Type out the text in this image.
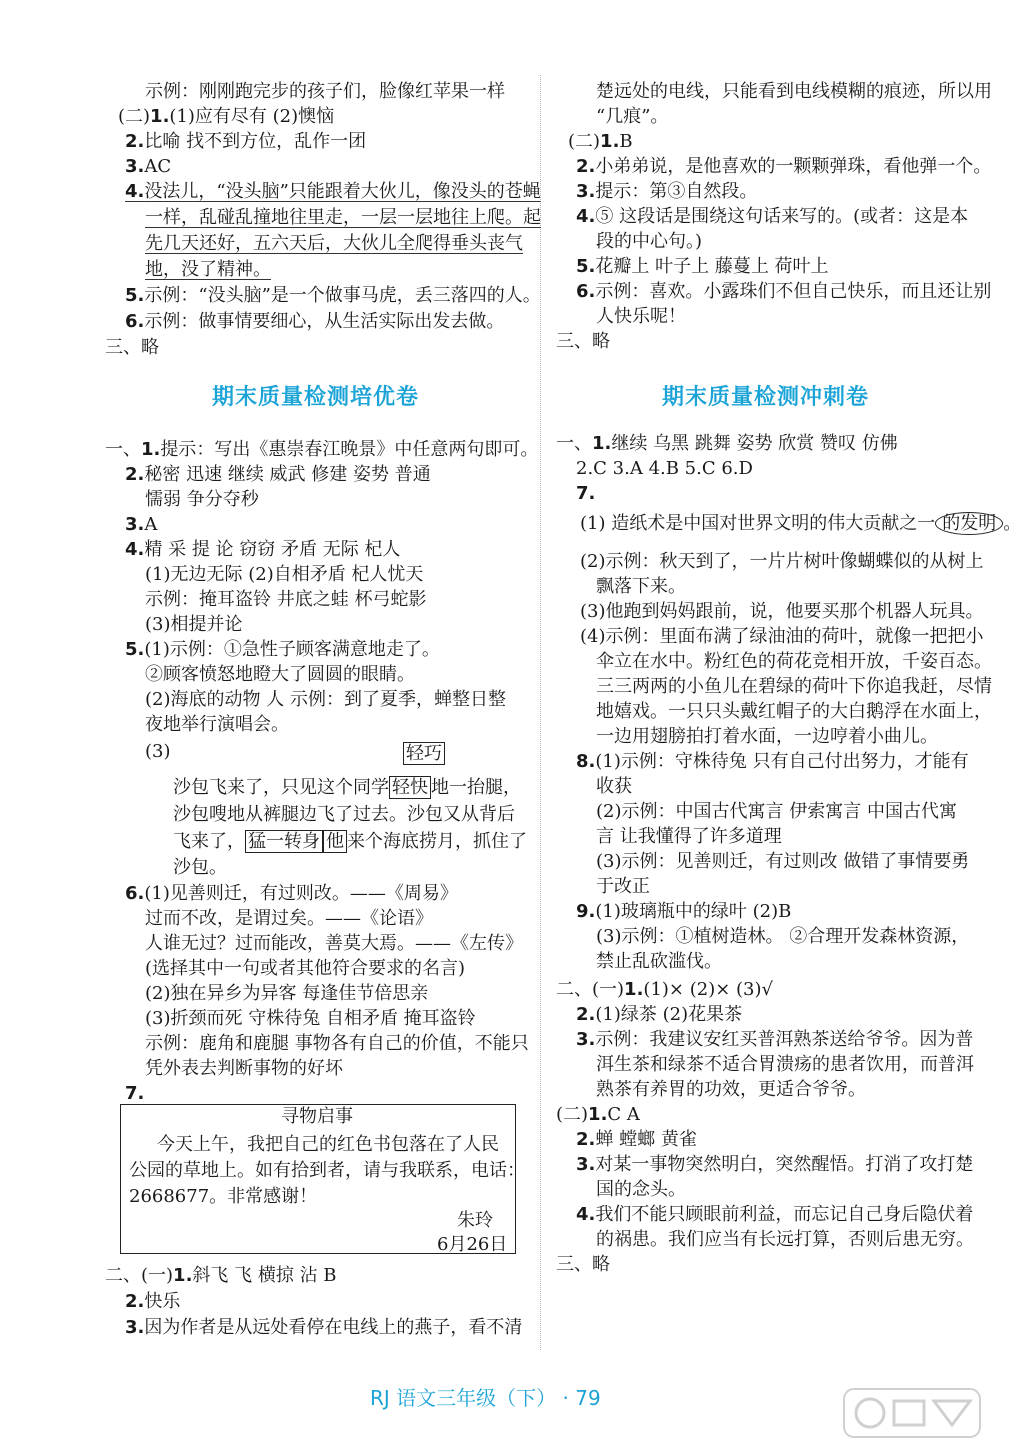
示例：刚刚跑完步的孩子们，脸像红苹果一样
(二)1.(1)应有尽有 (2)懊恼
2.比喻 找不到方位，乱作一团
3.AC
4.没法儿，“没头脑”只能跟着大伙儿，像没头的苍蝇
一样，乱碰乱撞地往里走，一层一层地往上爬。起
先几天还好，五六天后，大伙儿全爬得垂头丧气
地，没了精神。
5.示例：“没头脑”是一个做事马虎，丢三落四的人。
6.示例：做事情要细心，从生活实际出发去做。
三、略
期末质量检测培优卷
一、1.提示：写出《惠崇春江晚景》中任意两句即可。
2.秘密 迅速 继续 威武 修建 姿势 普通
懦弱 争分夺秒
3.A
4.精 采 提 论 窃窃 矛盾 无际 杞人
(1)无边无际 (2)自相矛盾 杞人忧天
示例：掩耳盗铃 井底之蛙 杯弓蛇影
(3)相提并论
5.(1)示例：①急性子顾客满意地走了。
②顾客愤怒地瞪大了圆圆的眼睛。
(2)海底的动物 人 示例：到了夏季，蝉整日整
夜地举行演唱会。
(3)	轻巧
沙包飞来了，只见这个同学 轻快 地一抬腿，
沙包嗖地从裤腿边飞了过去。沙包又从背后
飞来了， 猛一转身 他 来个海底捞月，抓住了
沙包。
6.(1)见善则迁，有过则改。——《周易》
过而不改，是谓过矣。——《论语》
人谁无过？过而能改，善莫大焉。——《左传》
(选择其中一句或者其他符合要求的名言)
(2)独在异乡为异客 每逢佳节倍思亲
(3)折颈而死 守株待兔 自相矛盾 掩耳盗铃
示例：鹿角和鹿腿 事物各有自己的价值，不能只
凭外表去判断事物的好坏
7.
寻物启事
今天上午，我把自己的红色书包落在了人民
公园的草地上。如有拾到者，请与我联系，电话：
2668677。非常感谢！
朱玲
6月26日
二、(一)1.斜飞 飞 横掠 沾 B
2.快乐
3.因为作者是从远处看停在电线上的燕子，看不清
楚远处的电线，只能看到电线模糊的痕迹，所以用
“几痕”。
(二)1.B
2.小弟弟说，是他喜欢的一颗颗弹珠，看他弹一个。
3.提示：第③自然段。
4.⑤ 这段话是围绕这句话来写的。(或者：这是本
段的中心句。)
5.花瓣上 叶子上 藤蔓上 荷叶上
6.示例：喜欢。小露珠们不但自己快乐，而且还让别
人快乐呢！
三、略
期末质量检测冲刺卷
一、1.继续 乌黑 跳舞 姿势 欣赏 赞叹 仿佛
2.C 3.A 4.B 5.C 6.D
7.
(1) 造纸术是中国对世界文明的伟大贡献之一 的发明 。
(2)示例：秋天到了，一片片树叶像蝴蝶似的从树上
飘落下来。
(3)他跑到妈妈跟前，说，他要买那个机器人玩具。
(4)示例：里面布满了绿油油的荷叶，就像一把把小
伞立在水中。粉红色的荷花竞相开放，千姿百态。
三三两两的小鱼儿在碧绿的荷叶下你追我赶，尽情
地嬉戏。一只只头戴红帽子的大白鹅浮在水面上，
一边用翅膀拍打着水面，一边哼着小曲儿。
8.(1)示例：守株待兔 只有自己付出努力，才能有
收获
(2)示例：中国古代寓言 伊索寓言 中国古代寓
言 让我懂得了许多道理
(3)示例：见善则迁，有过则改 做错了事情要勇
于改正
9.(1)玻璃瓶中的绿叶 (2)B
(3)示例：①植树造林。 ②合理开发森林资源，
禁止乱砍滥伐。
二、(一)1.(1)× (2)× (3)√
2.(1)绿茶 (2)花果茶
3.示例：我建议安红买普洱熟茶送给爷爷。因为普
洱生茶和绿茶不适合胃溃疡的患者饮用，而普洱
熟茶有养胃的功效，更适合爷爷。
(二)1.C A
2.蝉 螳螂 黄雀
3.对某一事物突然明白，突然醒悟。打消了攻打楚
国的念头。
4.我们不能只顾眼前利益，而忘记自己身后隐伏着
的祸患。我们应当有长远打算，否则后患无穷。
三、略
RJ 语文三年级（下） · 79
